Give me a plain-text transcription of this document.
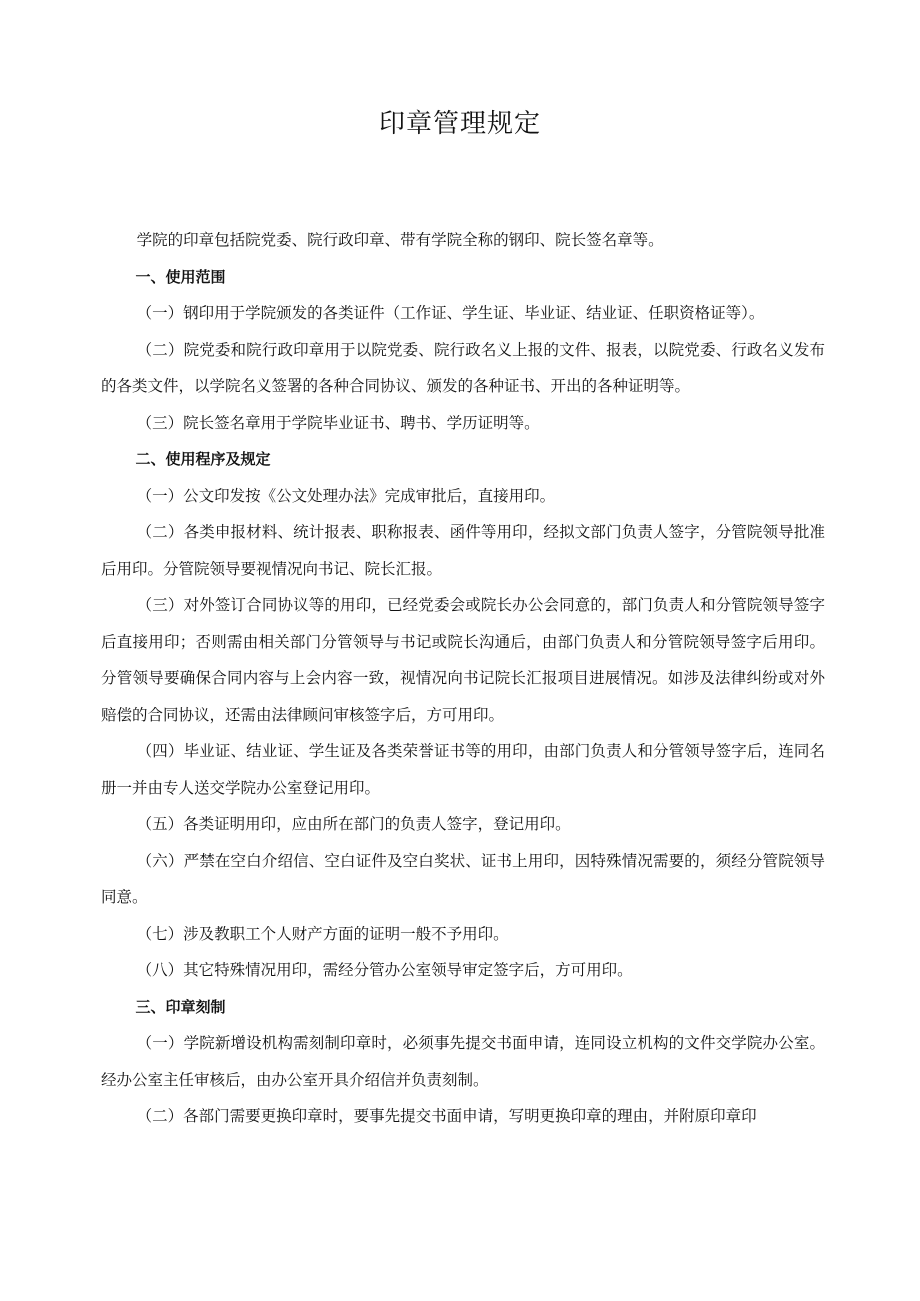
印章管理规定

学院的印章包括院党委、院行政印章、带有学院全称的钢印、院长签名章等。

一、使用范围

（一）钢印用于学院颁发的各类证件（工作证、学生证、毕业证、结业证、任职资格证等）。

（二）院党委和院行政印章用于以院党委、院行政名义上报的文件、报表，以院党委、行政名义发布的各类文件，以学院名义签署的各种合同协议、颁发的各种证书、开出的各种证明等。

（三）院长签名章用于学院毕业证书、聘书、学历证明等。

二、使用程序及规定

（一）公文印发按《公文处理办法》完成审批后，直接用印。

（二）各类申报材料、统计报表、职称报表、函件等用印，经拟文部门负责人签字，分管院领导批准后用印。分管院领导要视情况向书记、院长汇报。

（三）对外签订合同协议等的用印，已经党委会或院长办公会同意的，部门负责人和分管院领导签字后直接用印；否则需由相关部门分管领导与书记或院长沟通后，由部门负责人和分管院领导签字后用印。分管领导要确保合同内容与上会内容一致，视情况向书记院长汇报项目进展情况。如涉及法律纠纷或对外赔偿的合同协议，还需由法律顾问审核签字后，方可用印。

（四）毕业证、结业证、学生证及各类荣誉证书等的用印，由部门负责人和分管领导签字后，连同名册一并由专人送交学院办公室登记用印。

（五）各类证明用印，应由所在部门的负责人签字，登记用印。

（六）严禁在空白介绍信、空白证件及空白奖状、证书上用印，因特殊情况需要的，须经分管院领导同意。

（七）涉及教职工个人财产方面的证明一般不予用印。

（八）其它特殊情况用印，需经分管办公室领导审定签字后，方可用印。

三、印章刻制

（一）学院新增设机构需刻制印章时，必须事先提交书面申请，连同设立机构的文件交学院办公室。经办公室主任审核后，由办公室开具介绍信并负责刻制。

（二）各部门需要更换印章时，要事先提交书面申请，写明更换印章的理由，并附原印章印
